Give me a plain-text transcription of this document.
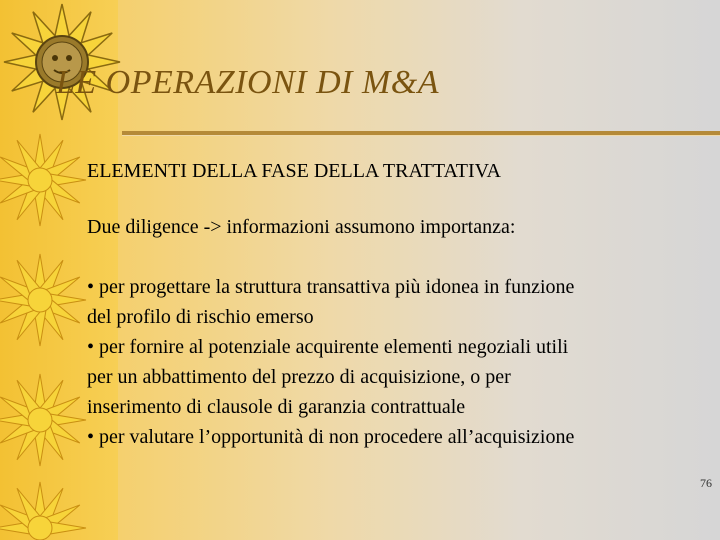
LE OPERAZIONI DI M&A
ELEMENTI DELLA FASE DELLA TRATTATIVA
Due diligence -> informazioni assumono importanza:
• per progettare la struttura transattiva più idonea in funzione
del profilo di rischio emerso
• per fornire al potenziale acquirente elementi negoziali utili
per un abbattimento del prezzo di acquisizione, o per
inserimento di clausole di garanzia contrattuale
• per valutare l’opportunità di non procedere all’acquisizione
76
